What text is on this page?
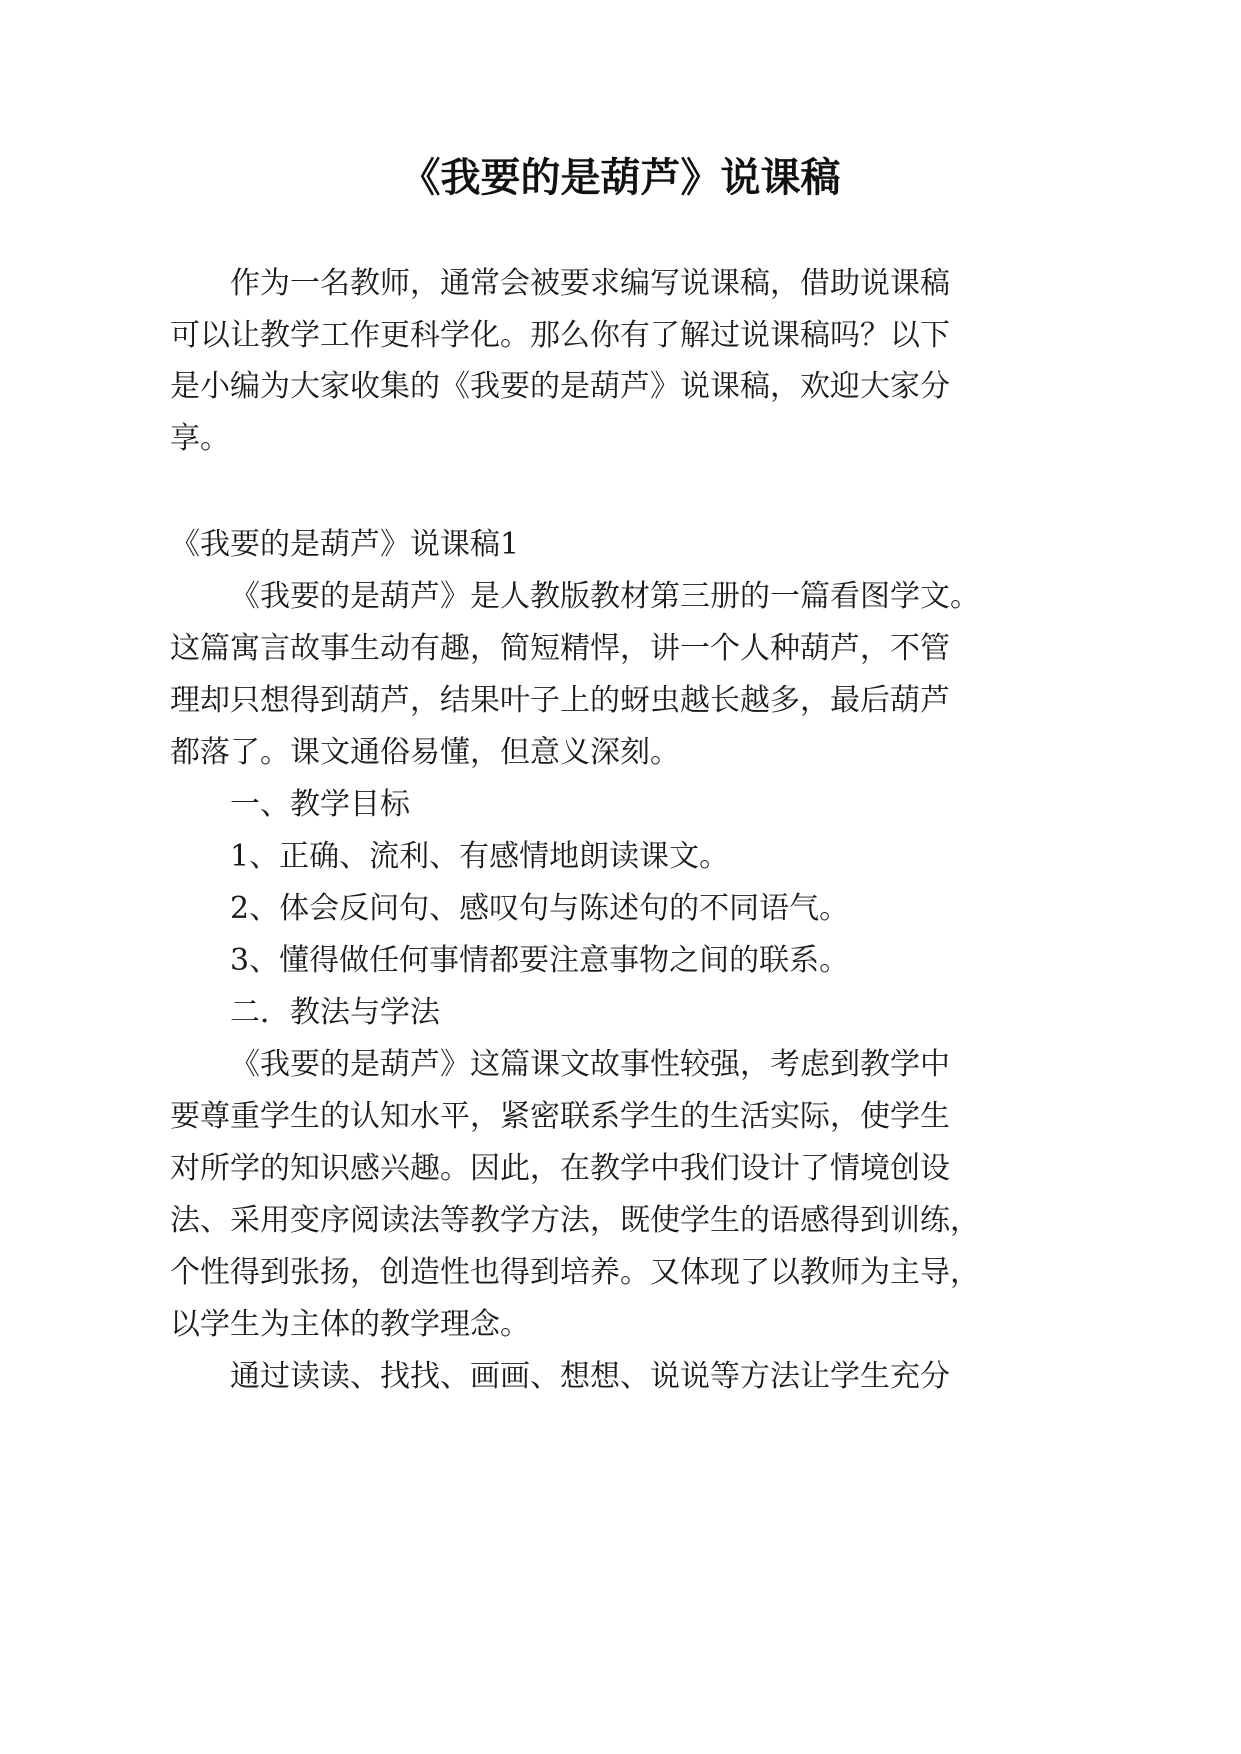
《我要的是葫芦》说课稿
作为一名教师，通常会被要求编写说课稿，借助说课稿
可以让教学工作更科学化。那么你有了解过说课稿吗？以下
是小编为大家收集的《我要的是葫芦》说课稿，欢迎大家分
享。
《我要的是葫芦》说课稿1
《我要的是葫芦》是人教版教材第三册的一篇看图学文。
这篇寓言故事生动有趣，简短精悍，讲一个人种葫芦，不管
理却只想得到葫芦，结果叶子上的蚜虫越长越多，最后葫芦
都落了。课文通俗易懂，但意义深刻。
一、教学目标
1、正确、流利、有感情地朗读课文。
2、体会反问句、感叹句与陈述句的不同语气。
3、懂得做任何事情都要注意事物之间的联系。
二．教法与学法
《我要的是葫芦》这篇课文故事性较强，考虑到教学中
要尊重学生的认知水平，紧密联系学生的生活实际，使学生
对所学的知识感兴趣。因此，在教学中我们设计了情境创设
法、采用变序阅读法等教学方法，既使学生的语感得到训练，
个性得到张扬，创造性也得到培养。又体现了以教师为主导，
以学生为主体的教学理念。
通过读读、找找、画画、想想、说说等方法让学生充分
